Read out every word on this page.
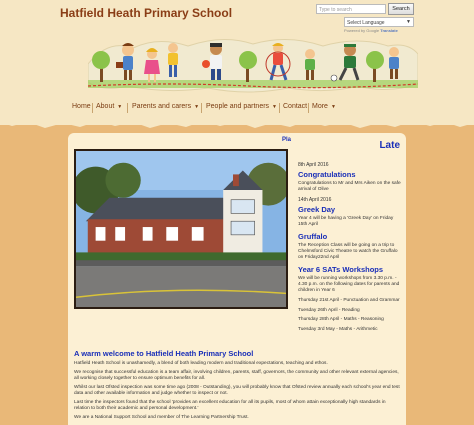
Hatfield Heath Primary School	Type to search	Search
Select Language	▼
Powered by Google Translate
Home About ▼ Parents and carers ▼ People and partners ▼ Contact More ▼
Pla	Late
8th April 2016
Congratulations
Congratulations to Mr and Mrs Aiken on the safe arrival of Olive
14th April 2016
Greek Day
Year 4 will be having a 'Greek Day' on Friday 15th April
Gruffalo
The Reception Class will be going on a trip to Chelmsford Civic Theatre to watch the Gruffalo on Friday22nd April
Year 6 SATs Workshops
We will be running workshops from 3.30 p.m. - 4.30 p.m. on the following dates for parents and children in Year 6
Thursday 21st April - Punctuation and Grammar
Tuesday 26th April - Reading
Thursday 28th April - Maths - Reasoning
Tuesday 3rd May - Maths - Arithmetic
A warm welcome to Hatfield Heath Primary School
Hatfield Heath School is unashamedly, a blend of both leading modern and traditional expectations, teaching and ethos.
We recognise that successful education is a team affair, involving children, parents, staff, governors, the community and other relevant external agencies, all working closely together to ensure optimum benefits for all.
Whilst our last Ofsted inspection was some time ago (2008 - Outstanding), you will probably know that Ofsted review annually each school's year end test data and other available information and judge whether to inspect or not.
Last time the inspectors found that the school 'provides an excellent education for all its pupils, most of whom attain exceptionally high standards in relation to both their academic and personal development.'
We are a National Support School and member of The Learning Partnership Trust.
